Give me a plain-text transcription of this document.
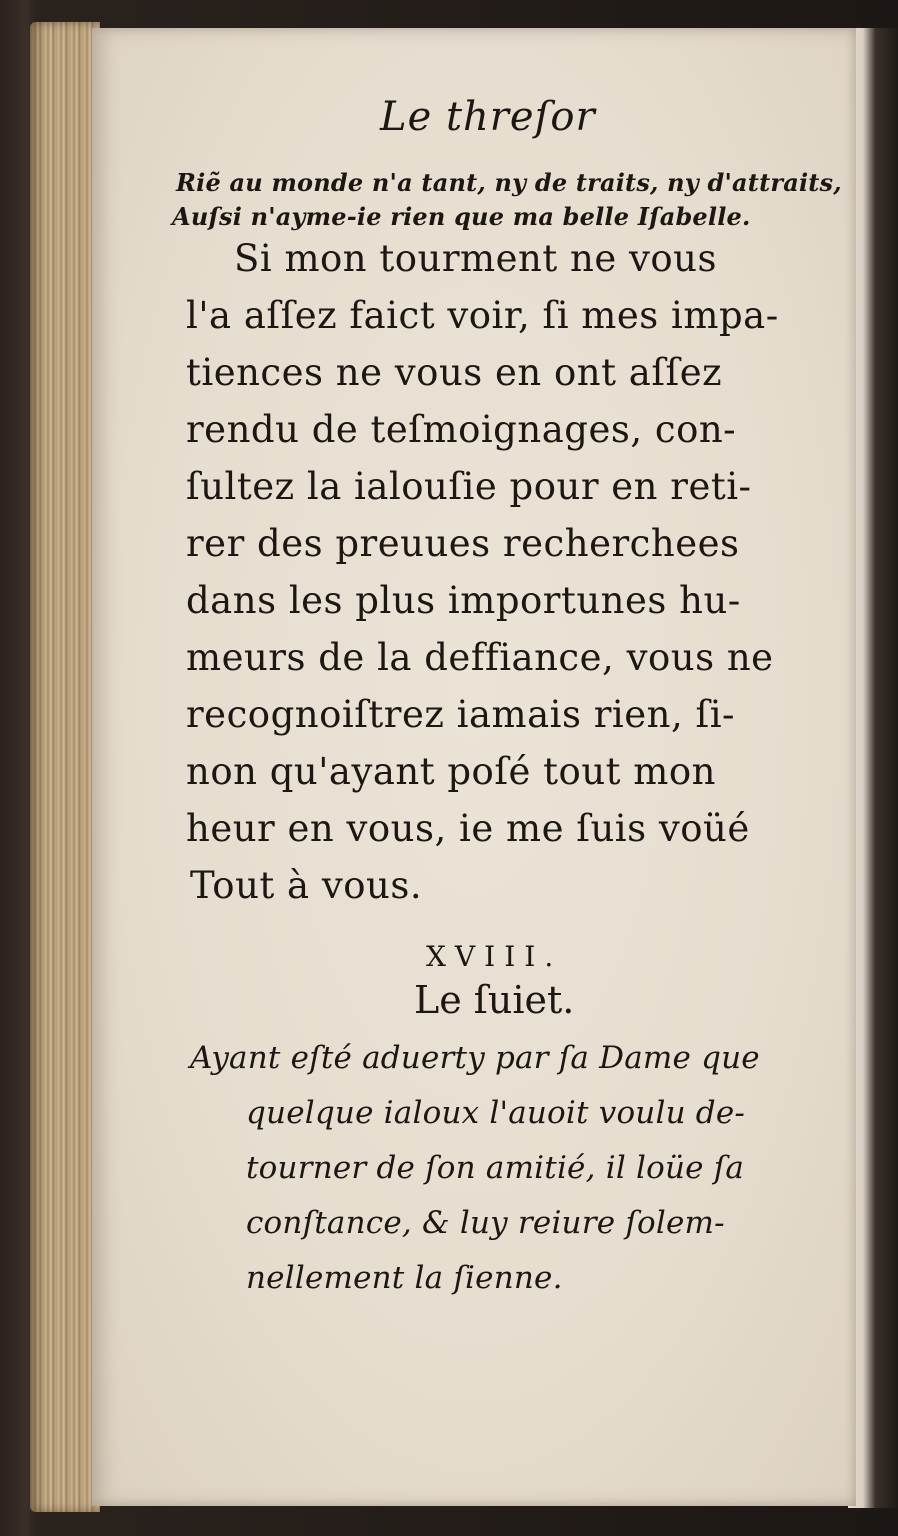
Le threſor
Riẽ au monde n'a tant, ny de traits, ny d'attraits,
Auſsi n'ayme-ie rien que ma belle Iſabelle.
Si mon tourment ne vous
l'a aſſez faict voir, ſi mes impa-
tiences ne vous en ont aſſez
rendu de teſmoignages, con-
ſultez la ialouſie pour en reti-
rer des preuues recherchees
dans les plus importunes hu-
meurs de la deffiance, vous ne
recognoiſtrez iamais rien, ſi-
non qu'ayant poſé tout mon
heur en vous, ie me ſuis voüé
Tout à vous.
XVIII.
Le ſuiet.
Ayant eſté aduerty par ſa Dame que
quelque ialoux l'auoit voulu de-
tourner de ſon amitié, il loüe ſa
conſtance, & luy reiure ſolem-
nellement la ſienne.
